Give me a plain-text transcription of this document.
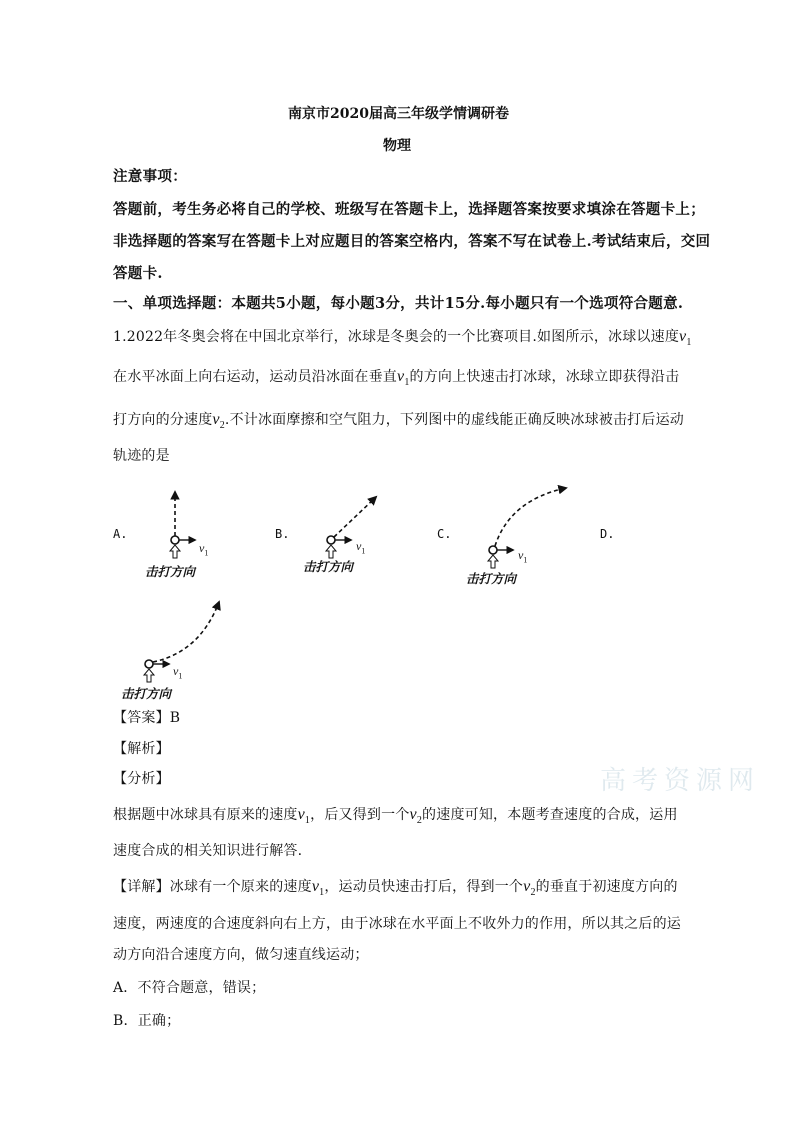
南京市2020届高三年级学情调研卷
物理
注意事项：
答题前，考生务必将自己的学校、班级写在答题卡上，选择题答案按要求填涂在答题卡上；
非选择题的答案写在答题卡上对应题目的答案空格内，答案不写在试卷上.考试结束后，交回
答题卡.
一、单项选择题：本题共5小题，每小题3分，共计15分.每小题只有一个选项符合题意.
1.2022年冬奥会将在中国北京举行，冰球是冬奥会的一个比赛项目.如图所示，冰球以速度$v_1$
在水平冰面上向右运动，运动员沿冰面在垂直$v_1$的方向上快速击打冰球，冰球立即获得沿击
打方向的分速度$v_2$.不计冰面摩擦和空气阻力，下列图中的虚线能正确反映冰球被击打后运动
轨迹的是
A.	B.	C.	D.
$v_1$	$v_1$	$v_1$
$v_1$
击打方向	击打方向
击打方向
击打方向
【答案】B
【解析】
【分析】	高考资源网
根据题中冰球具有原来的速度$v_1$，后又得到一个$v_2$的速度可知，本题考查速度的合成，运用
速度合成的相关知识进行解答.
【详解】冰球有一个原来的速度$v_1$，运动员快速击打后，得到一个$v_2$的垂直于初速度方向的
速度，两速度的合速度斜向右上方，由于冰球在水平面上不收外力的作用，所以其之后的运
动方向沿合速度方向，做匀速直线运动；
A．不符合题意，错误；
B．正确；
